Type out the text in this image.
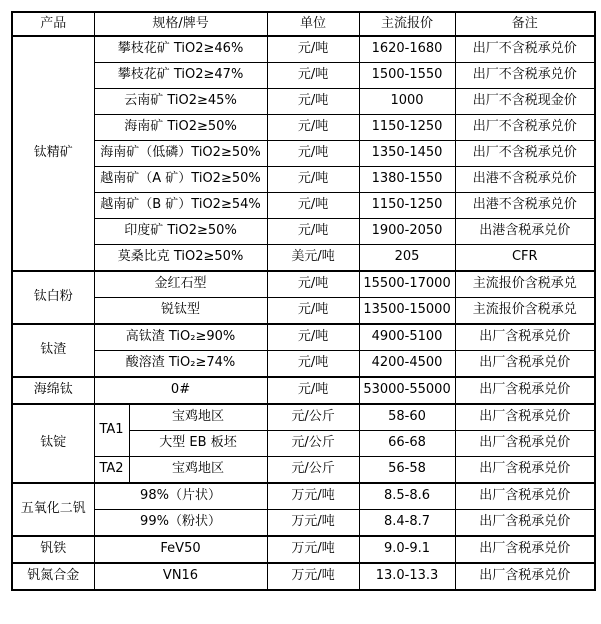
产品	规格/牌号		单位	主流报价	备注
钛精矿	攀枝花矿 TiO2≥46%		元/吨	1620-1680	出厂不含税承兑价
	攀枝花矿 TiO2≥47%		元/吨	1500-1550	出厂不含税承兑价
	云南矿 TiO2≥45%		元/吨	1000	出厂不含税现金价
	海南矿 TiO2≥50%		元/吨	1150-1250	出厂不含税承兑价
	海南矿（低磷）TiO2≥50%		元/吨	1350-1450	出厂不含税承兑价
	越南矿（A 矿）TiO2≥50%		元/吨	1380-1550	出港不含税承兑价
	越南矿（B 矿）TiO2≥54%		元/吨	1150-1250	出港不含税承兑价
	印度矿 TiO2≥50%		元/吨	1900-2050	出港含税承兑价
	莫桑比克 TiO2≥50%		美元/吨	205	CFR
钛白粉	金红石型		元/吨	15500-17000	主流报价含税承兑
	锐钛型		元/吨	13500-15000	主流报价含税承兑
钛渣	高钛渣 TiO₂≥90%		元/吨	4900-5100	出厂含税承兑价
	酸溶渣 TiO₂≥74%		元/吨	4200-4500	出厂含税承兑价
海绵钛	0#		元/吨	53000-55000	出厂含税承兑价
钛锭	TA1	宝鸡地区	元/公斤	58-60	出厂含税承兑价
		大型 EB 板坯	元/公斤	66-68	出厂含税承兑价
	TA2	宝鸡地区	元/公斤	56-58	出厂含税承兑价
五氧化二钒	98%（片状）		万元/吨	8.5-8.6	出厂含税承兑价
	99%（粉状）		万元/吨	8.4-8.7	出厂含税承兑价
钒铁	FeV50		万元/吨	9.0-9.1	出厂含税承兑价
钒氮合金	VN16		万元/吨	13.0-13.3	出厂含税承兑价
